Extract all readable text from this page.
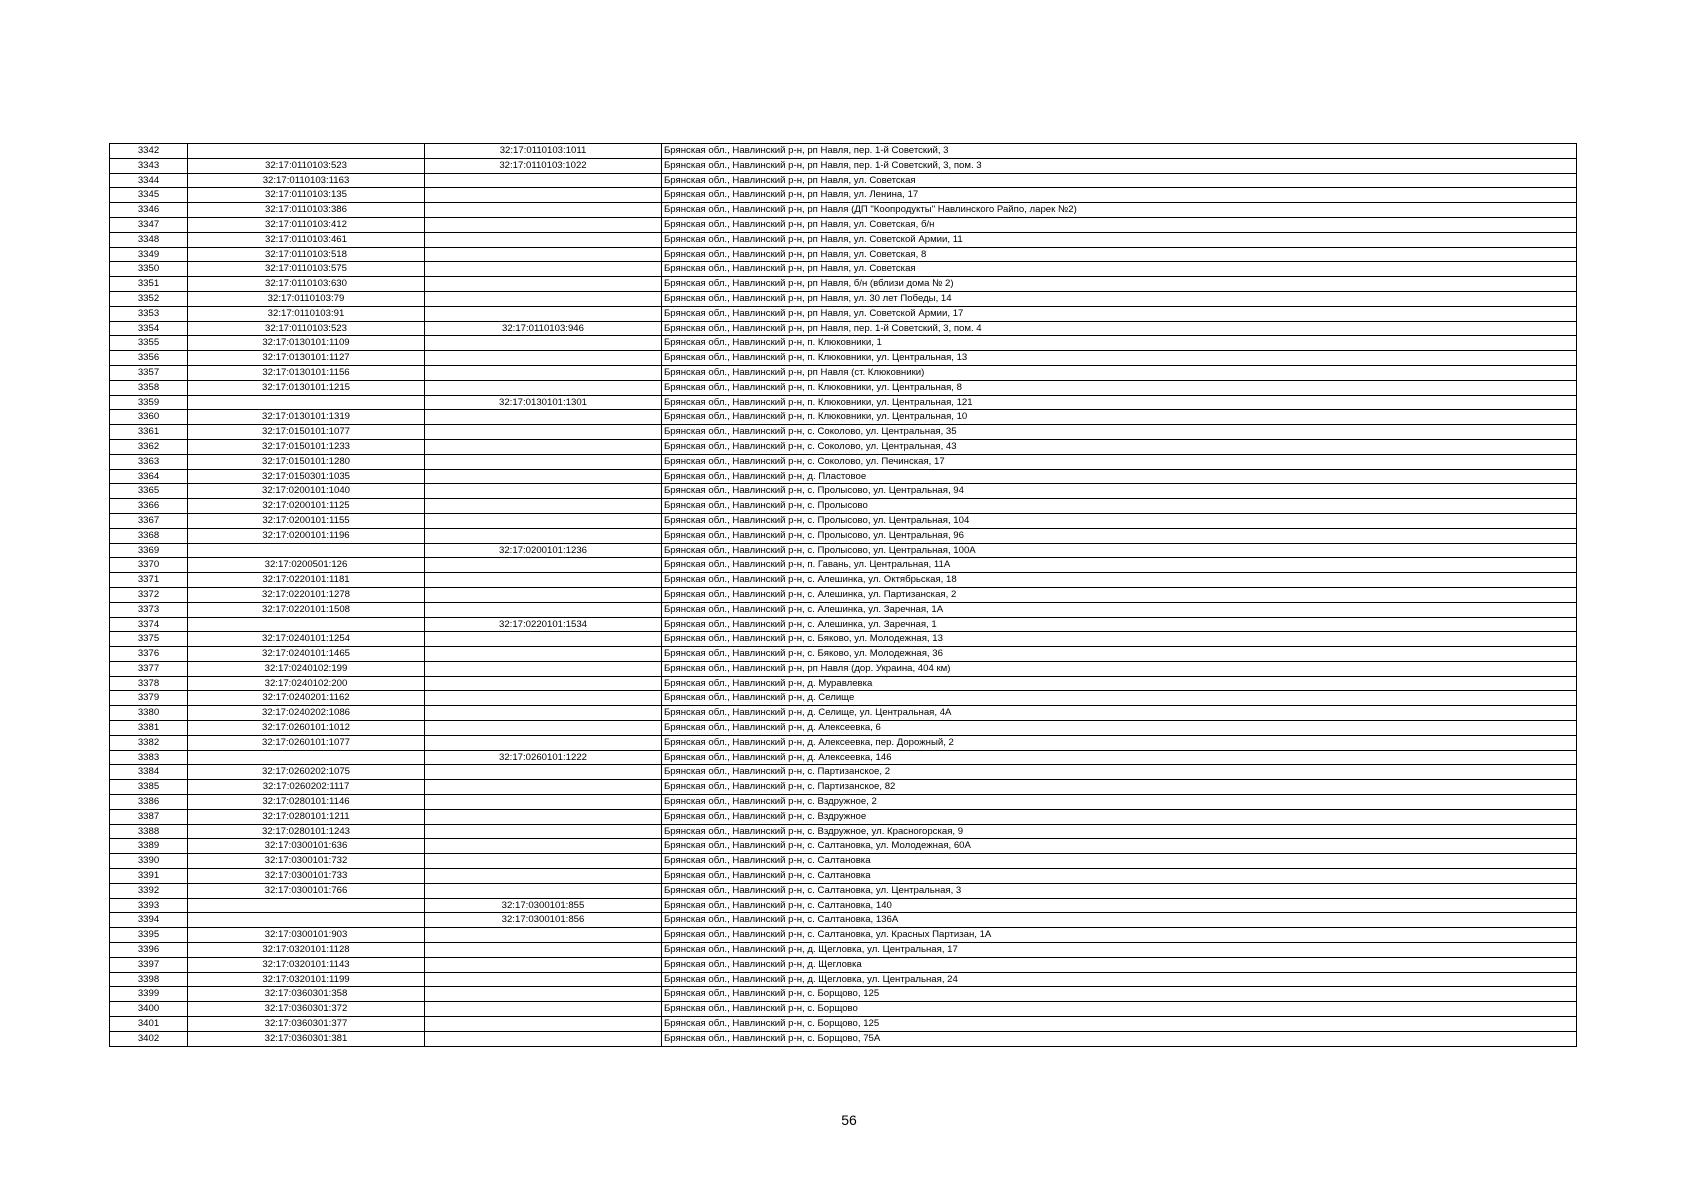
3342		32:17:0110103:1011	Брянская обл., Навлинский р-н, рп Навля, пер. 1-й Советский, 3
3343	32:17:0110103:523	32:17:0110103:1022	Брянская обл., Навлинский р-н, рп Навля, пер. 1-й Советский, 3, пом. 3
3344	32:17:0110103:1163		Брянская обл., Навлинский р-н, рп Навля, ул. Советская
3345	32:17:0110103:135		Брянская обл., Навлинский р-н, рп Навля, ул. Ленина, 17
3346	32:17:0110103:386		Брянская обл., Навлинский р-н, рп Навля (ДП "Коопродукты" Навлинского Райпо, ларек №2)
3347	32:17:0110103:412		Брянская обл., Навлинский р-н, рп Навля, ул. Советская, б/н
3348	32:17:0110103:461		Брянская обл., Навлинский р-н, рп Навля, ул. Советской Армии, 11
3349	32:17:0110103:518		Брянская обл., Навлинский р-н, рп Навля, ул. Советская, 8
3350	32:17:0110103:575		Брянская обл., Навлинский р-н, рп Навля, ул. Советская
3351	32:17:0110103:630		Брянская обл., Навлинский р-н, рп Навля, б/н (вблизи дома № 2)
3352	32:17:0110103:79		Брянская обл., Навлинский р-н, рп Навля, ул. 30 лет Победы, 14
3353	32:17:0110103:91		Брянская обл., Навлинский р-н, рп Навля, ул. Советской Армии, 17
3354	32:17:0110103:523	32:17:0110103:946	Брянская обл., Навлинский р-н, рп Навля, пер. 1-й Советский, 3, пом. 4
3355	32:17:0130101:1109		Брянская обл., Навлинский р-н, п. Клюковники, 1
3356	32:17:0130101:1127		Брянская обл., Навлинский р-н, п. Клюковники, ул. Центральная, 13
3357	32:17:0130101:1156		Брянская обл., Навлинский р-н, рп Навля (ст. Клюковники)
3358	32:17:0130101:1215		Брянская обл., Навлинский р-н, п. Клюковники, ул. Центральная, 8
3359		32:17:0130101:1301	Брянская обл., Навлинский р-н, п. Клюковники, ул. Центральная, 121
3360	32:17:0130101:1319		Брянская обл., Навлинский р-н, п. Клюковники, ул. Центральная, 10
3361	32:17:0150101:1077		Брянская обл., Навлинский р-н, с. Соколово, ул. Центральная, 35
3362	32:17:0150101:1233		Брянская обл., Навлинский р-н, с. Соколово, ул. Центральная, 43
3363	32:17:0150101:1280		Брянская обл., Навлинский р-н, с. Соколово, ул. Печинская, 17
3364	32:17:0150301:1035		Брянская обл., Навлинский р-н, д. Пластовое
3365	32:17:0200101:1040		Брянская обл., Навлинский р-н, с. Пролысово, ул. Центральная, 94
3366	32:17:0200101:1125		Брянская обл., Навлинский р-н, с. Пролысово
3367	32:17:0200101:1155		Брянская обл., Навлинский р-н, с. Пролысово, ул. Центральная, 104
3368	32:17:0200101:1196		Брянская обл., Навлинский р-н, с. Пролысово, ул. Центральная, 96
3369		32:17:0200101:1236	Брянская обл., Навлинский р-н, с. Пролысово, ул. Центральная, 100А
3370	32:17:0200501:126		Брянская обл., Навлинский р-н, п. Гавань, ул. Центральная, 11А
3371	32:17:0220101:1181		Брянская обл., Навлинский р-н, с. Алешинка, ул. Октябрьская, 18
3372	32:17:0220101:1278		Брянская обл., Навлинский р-н, с. Алешинка, ул. Партизанская, 2
3373	32:17:0220101:1508		Брянская обл., Навлинский р-н, с. Алешинка, ул. Заречная, 1А
3374		32:17:0220101:1534	Брянская обл., Навлинский р-н, с. Алешинка, ул. Заречная, 1
3375	32:17:0240101:1254		Брянская обл., Навлинский р-н, с. Бяково, ул. Молодежная, 13
3376	32:17:0240101:1465		Брянская обл., Навлинский р-н, с. Бяково, ул. Молодежная, 36
3377	32:17:0240102:199		Брянская обл., Навлинский р-н, рп Навля (дор. Украина, 404 км)
3378	32:17:0240102:200		Брянская обл., Навлинский р-н, д. Муравлевка
3379	32:17:0240201:1162		Брянская обл., Навлинский р-н, д. Селище
3380	32:17:0240202:1086		Брянская обл., Навлинский р-н, д. Селище, ул. Центральная, 4А
3381	32:17:0260101:1012		Брянская обл., Навлинский р-н, д. Алексеевка, 6
3382	32:17:0260101:1077		Брянская обл., Навлинский р-н, д. Алексеевка, пер. Дорожный, 2
3383		32:17:0260101:1222	Брянская обл., Навлинский р-н, д. Алексеевка, 146
3384	32:17:0260202:1075		Брянская обл., Навлинский р-н, с. Партизанское, 2
3385	32:17:0260202:1117		Брянская обл., Навлинский р-н, с. Партизанское, 82
3386	32:17:0280101:1146		Брянская обл., Навлинский р-н, с. Вздружное, 2
3387	32:17:0280101:1211		Брянская обл., Навлинский р-н, с. Вздружное
3388	32:17:0280101:1243		Брянская обл., Навлинский р-н, с. Вздружное, ул. Красногорская, 9
3389	32:17:0300101:636		Брянская обл., Навлинский р-н, с. Салтановка, ул. Молодежная, 60А
3390	32:17:0300101:732		Брянская обл., Навлинский р-н, с. Салтановка
3391	32:17:0300101:733		Брянская обл., Навлинский р-н, с. Салтановка
3392	32:17:0300101:766		Брянская обл., Навлинский р-н, с. Салтановка, ул. Центральная, 3
3393		32:17:0300101:855	Брянская обл., Навлинский р-н, с. Салтановка, 140
3394		32:17:0300101:856	Брянская обл., Навлинский р-н, с. Салтановка, 136А
3395	32:17:0300101:903		Брянская обл., Навлинский р-н, с. Салтановка, ул. Красных Партизан, 1А
3396	32:17:0320101:1128		Брянская обл., Навлинский р-н, д. Щегловка, ул. Центральная, 17
3397	32:17:0320101:1143		Брянская обл., Навлинский р-н, д. Щегловка
3398	32:17:0320101:1199		Брянская обл., Навлинский р-н, д. Щегловка, ул. Центральная, 24
3399	32:17:0360301:358		Брянская обл., Навлинский р-н, с. Борщово, 125
3400	32:17:0360301:372		Брянская обл., Навлинский р-н, с. Борщово
3401	32:17:0360301:377		Брянская обл., Навлинский р-н, с. Борщово, 125
3402	32:17:0360301:381		Брянская обл., Навлинский р-н, с. Борщово, 75А
56
